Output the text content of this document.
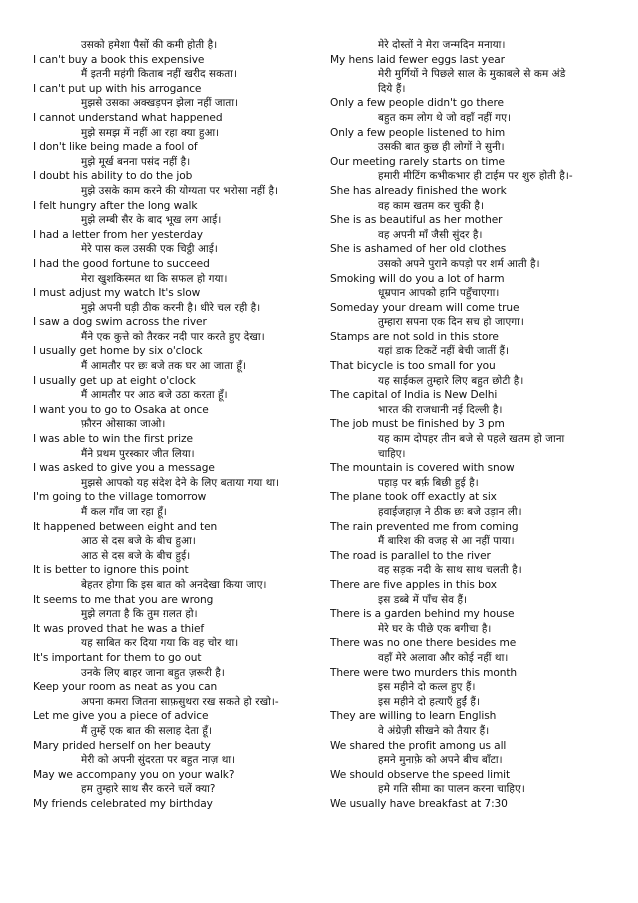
उसको हमेशा पैसों की कमी होती है।
I can't buy a book this expensive
मैं इतनी महंगी किताब नहीं खरीद सकता।
I can't put up with his arrogance
मुझसे उसका अक्खड़पन झेला नहीं जाता।
I cannot understand what happened
मुझे समझ में नहीं आ रहा क्या हुआ।
I don't like being made a fool of
मुझे मूर्ख बनना पसंद नहीं है।
I doubt his ability to do the job
मुझे उसके काम करने की योग्यता पर भरोसा नहीं है।
I felt hungry after the long walk
मुझे लम्बी सैर के बाद भूख लग आई।
I had a letter from her yesterday
मेरे पास कल उसकी एक चिट्ठी आई।
I had the good fortune to succeed
मेरा खुशकिस्मत था कि सफल हो गया।
I must adjust my watch It's slow
मुझे अपनी घड़ी ठीक करनी है। धीरे चल रही है।
I saw a dog swim across the river
मैंने एक कुत्ते को तैरकर नदी पार करते हुए देखा।
I usually get home by six o'clock
मैं आमतौर पर छः बजे तक घर आ जाता हूँ।
I usually get up at eight o'clock
मैं आमतौर पर आठ बजे उठा करता हूँ।
I want you to go to Osaka at once
फ़ौरन ओसाका जाओ।
I was able to win the first prize
मैंने प्रथम पुरस्कार जीत लिया।
I was asked to give you a message
मुझसे आपको यह संदेश देने के लिए बताया गया था।
I'm going to the village tomorrow
मैं कल गाँव जा रहा हूँ।
It happened between eight and ten
आठ से दस बजे के बीच हुआ।
आठ से दस बजे के बीच हुई।
It is better to ignore this point
बेहतर होगा कि इस बात को अनदेखा किया जाए।
It seems to me that you are wrong
मुझे लगता है कि तुम ग़लत हो।
It was proved that he was a thief
यह साबित कर दिया गया कि वह चोर था।
It's important for them to go out
उनके लिए बाहर जाना बहुत ज़रूरी है।
Keep your room as neat as you can
अपना कमरा जितना साफ़सुथरा रख सकते हो रखो।-
Let me give you a piece of advice
मैं तुम्हें एक बात की सलाह देता हूँ।
Mary prided herself on her beauty
मेरी को अपनी सुंदरता पर बहुत नाज़ था।
May we accompany you on your walk?
हम तुम्हारे साथ सैर करने चलें क्या?
My friends celebrated my birthday
मेरे दोस्तों ने मेरा जन्मदिन मनाया।
My hens laid fewer eggs last year
मेरी मुर्गियों ने पिछले साल के मुकाबले से कम अंडे
दिये हैं।
Only a few people didn't go there
बहुत कम लोग थे जो वहाँ नहीं गए।
Only a few people listened to him
उसकी बात कुछ ही लोगों ने सुनी।
Our meeting rarely starts on time
हमारी मीटिंग कभीकभार ही टाईम पर शुरु होती है।-
She has already finished the work
वह काम खतम कर चुकी है।
She is as beautiful as her mother
वह अपनी माँ जैसी सुंदर है।
She is ashamed of her old clothes
उसको अपने पुराने कपड़ो पर शर्म आती है।
Smoking will do you a lot of harm
धूम्रपान आपको हानि पहुँचाएगा।
Someday your dream will come true
तुम्हारा सपना एक दिन सच हो जाएगा।
Stamps are not sold in this store
यहां डाक टिकटें नहीं बेची जातीं हैं।
That bicycle is too small for you
यह साईकल तुम्हारे लिए बहुत छोटी है।
The capital of India is New Delhi
भारत की राजधानी नई दिल्ली है।
The job must be finished by 3 pm
यह काम दोपहर तीन बजे से पहले खतम हो जाना
चाहिए।
The mountain is covered with snow
पहाड़ पर बर्फ़ बिछी हुई है।
The plane took off exactly at six
हवाईजहाज़ ने ठीक छः बजे उड़ान ली।
The rain prevented me from coming
मैं बारिश की वजह से आ नहीं पाया।
The road is parallel to the river
वह सड़क नदी के साथ साथ चलती है।
There are five apples in this box
इस डब्बे में पाँच सेव हैं।
There is a garden behind my house
मेरे घर के पीछे एक बगीचा है।
There was no one there besides me
वहाँ मेरे अलावा और कोई नहीं था।
There were two murders this month
इस महीने दो कत्ल हुए हैं।
इस महीने दो हत्याएँ हुईं हैं।
They are willing to learn English
वे अंग्रेज़ी सीखने को तैयार हैं।
We shared the profit among us all
हमने मुनाफ़े को अपने बीच बाँटा।
We should observe the speed limit
हमे गति सीमा का पालन करना चाहिए।
We usually have breakfast at 7:30
